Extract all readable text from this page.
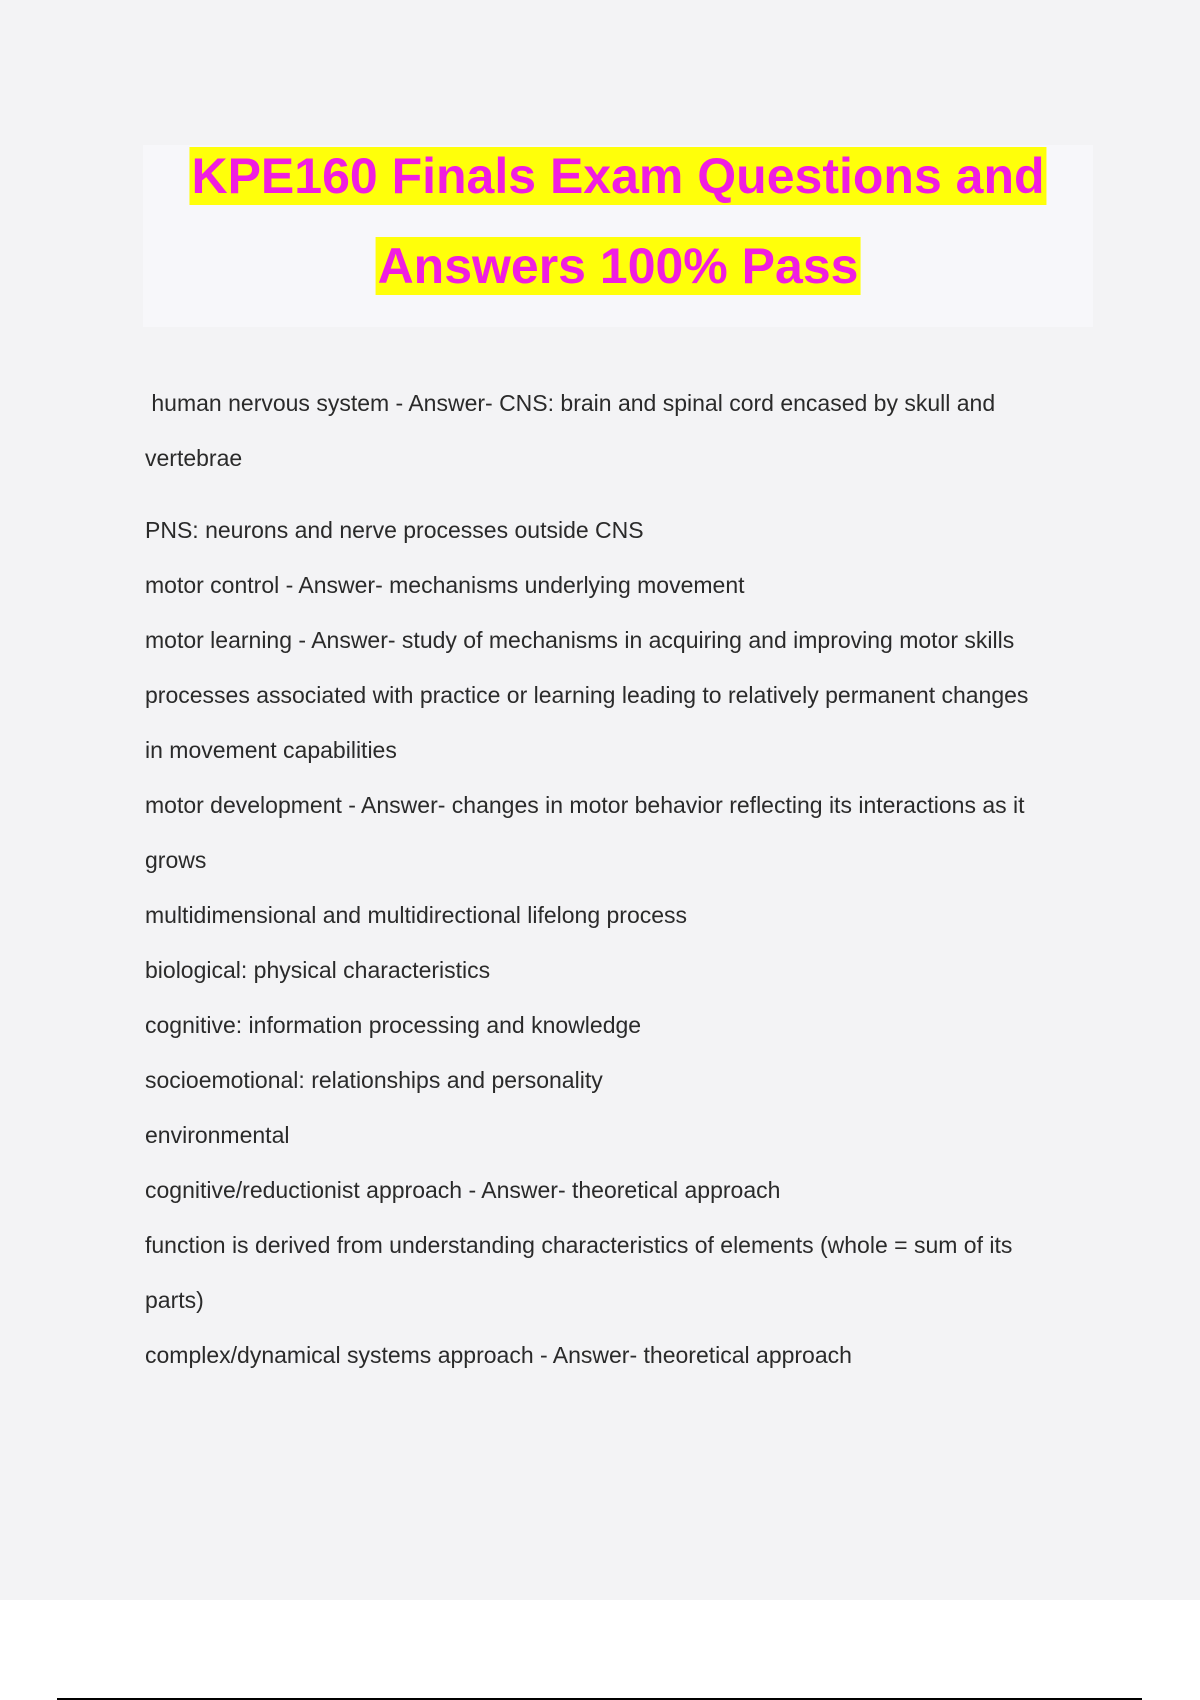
KPE160 Finals Exam Questions and
Answers 100% Pass

human nervous system - Answer- CNS: brain and spinal cord encased by skull and

vertebrae

PNS: neurons and nerve processes outside CNS

motor control - Answer- mechanisms underlying movement

motor learning - Answer- study of mechanisms in acquiring and improving motor skills

processes associated with practice or learning leading to relatively permanent changes

in movement capabilities

motor development - Answer- changes in motor behavior reflecting its interactions as it

grows

multidimensional and multidirectional lifelong process

biological: physical characteristics

cognitive: information processing and knowledge

socioemotional: relationships and personality

environmental

cognitive/reductionist approach - Answer- theoretical approach

function is derived from understanding characteristics of elements (whole = sum of its

parts)

complex/dynamical systems approach - Answer- theoretical approach
